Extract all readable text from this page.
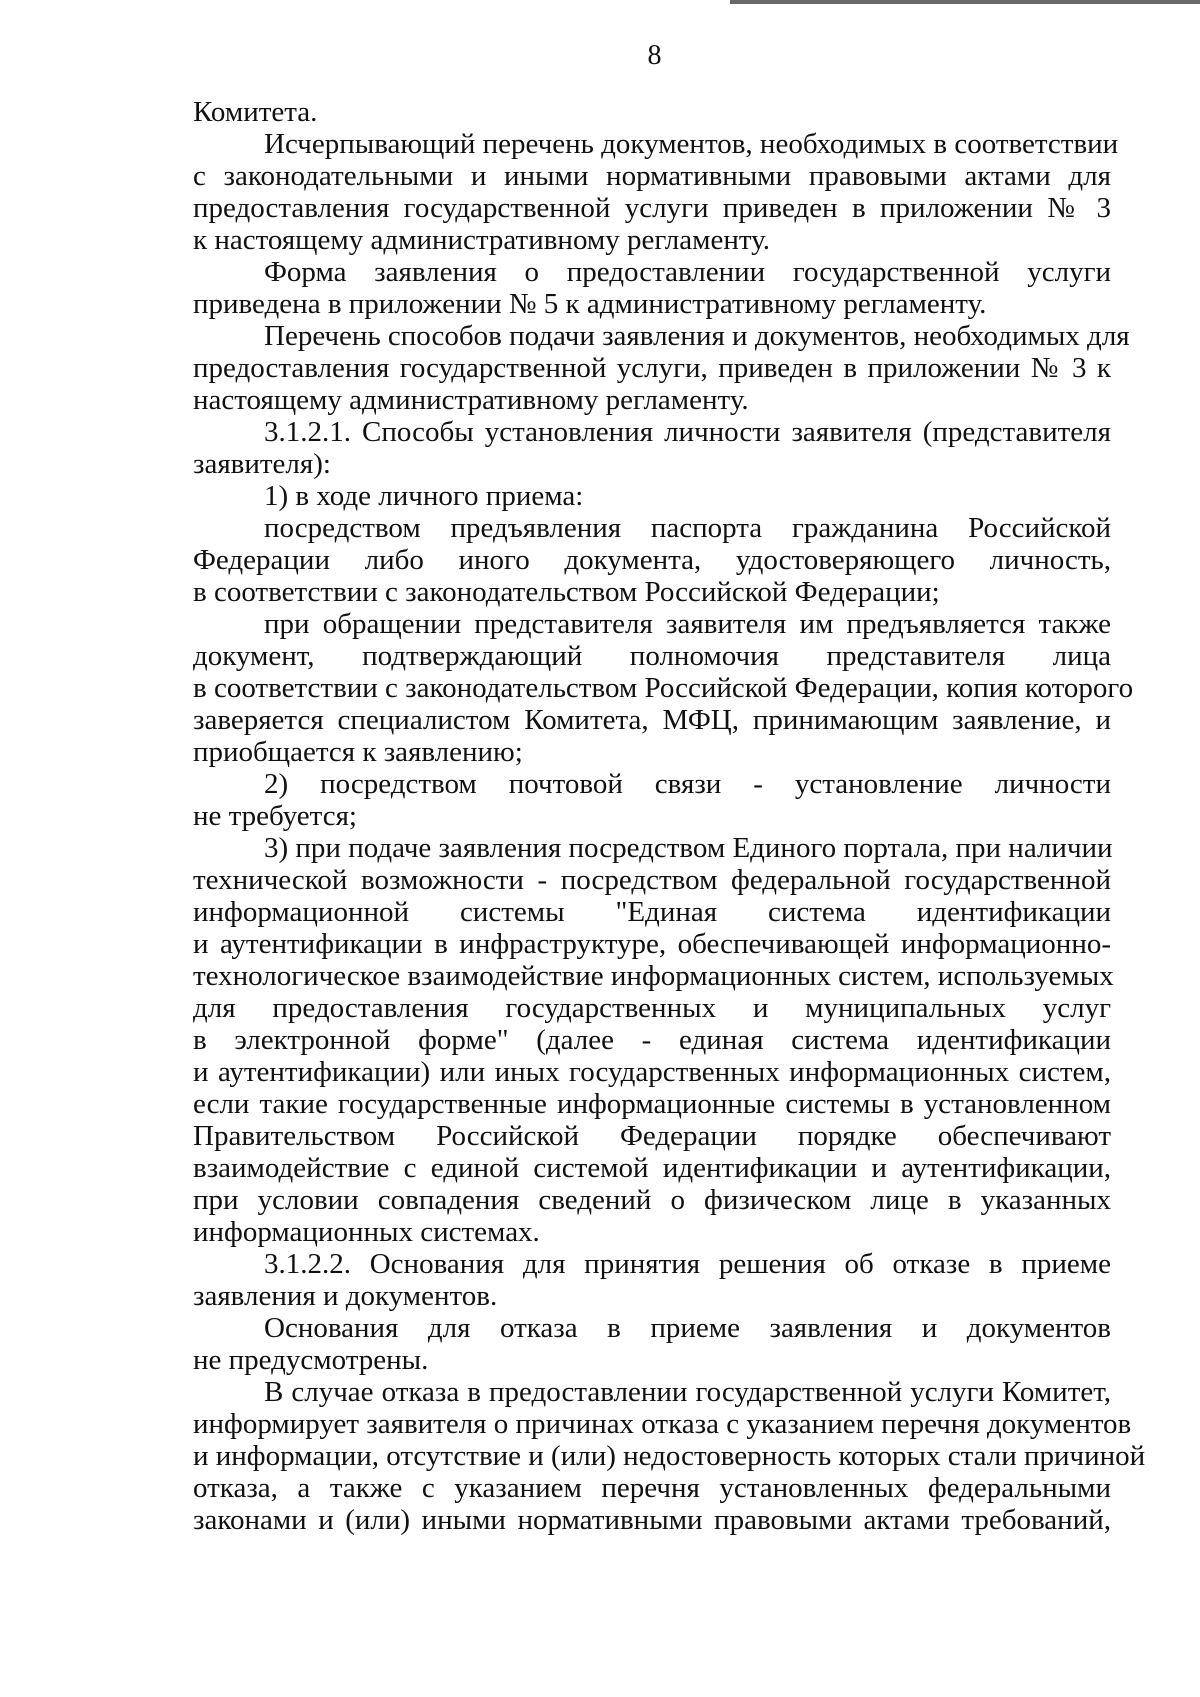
8
Комитета.
Исчерпывающий перечень документов, необходимых в соответствии
с законодательными и иными нормативными правовыми актами для
предоставления государственной услуги приведен в приложении № 3
к настоящему административному регламенту.
Форма заявления о предоставлении государственной услуги
приведена в приложении № 5 к административному регламенту.
Перечень способов подачи заявления и документов, необходимых для
предоставления государственной услуги, приведен в приложении № 3 к
настоящему административному регламенту.
3.1.2.1. Способы установления личности заявителя (представителя
заявителя):
1) в ходе личного приема:
посредством предъявления паспорта гражданина Российской
Федерации либо иного документа, удостоверяющего личность,
в соответствии с законодательством Российской Федерации;
при обращении представителя заявителя им предъявляется также
документ, подтверждающий полномочия представителя лица
в соответствии с законодательством Российской Федерации, копия которого
заверяется специалистом Комитета, МФЦ, принимающим заявление, и
приобщается к заявлению;
2) посредством почтовой связи - установление личности
не требуется;
3) при подаче заявления посредством Единого портала, при наличии
технической возможности - посредством федеральной государственной
информационной системы "Единая система идентификации
и аутентификации в инфраструктуре, обеспечивающей информационно-
технологическое взаимодействие информационных систем, используемых
для предоставления государственных и муниципальных услуг
в электронной форме" (далее - единая система идентификации
и аутентификации) или иных государственных информационных систем,
если такие государственные информационные системы в установленном
Правительством Российской Федерации порядке обеспечивают
взаимодействие с единой системой идентификации и аутентификации,
при условии совпадения сведений о физическом лице в указанных
информационных системах.
3.1.2.2. Основания для принятия решения об отказе в приеме
заявления и документов.
Основания для отказа в приеме заявления и документов
не предусмотрены.
В случае отказа в предоставлении государственной услуги Комитет,
информирует заявителя о причинах отказа с указанием перечня документов
и информации, отсутствие и (или) недостоверность которых стали причиной
отказа, а также с указанием перечня установленных федеральными
законами и (или) иными нормативными правовыми актами требований,
